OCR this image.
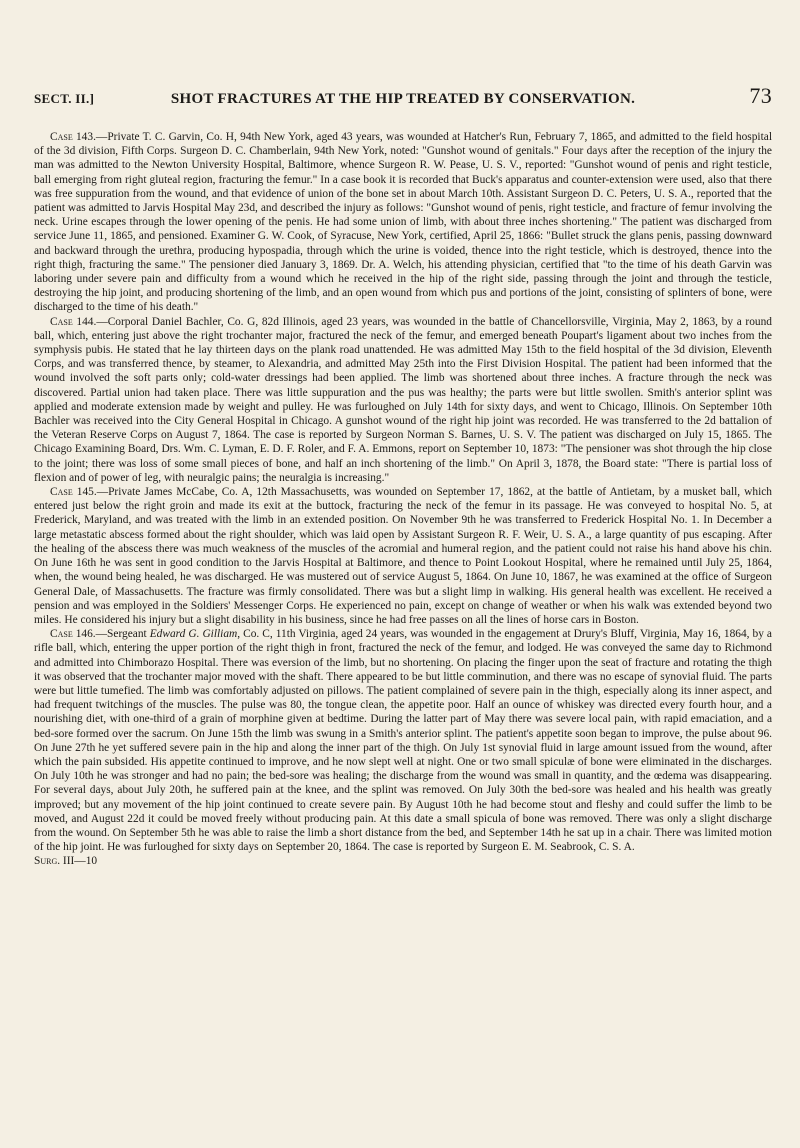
SECT. II.]	SHOT FRACTURES AT THE HIP TREATED BY CONSERVATION.	73

Case 143.—Private T. C. Garvin, Co. H, 94th New York, aged 43 years, was wounded at Hatcher's Run, February 7, 1865, and admitted to the field hospital of the 3d division, Fifth Corps. Surgeon D. C. Chamberlain, 94th New York, noted: "Gunshot wound of genitals." Four days after the reception of the injury the man was admitted to the Newton University Hospital, Baltimore, whence Surgeon R. W. Pease, U. S. V., reported: "Gunshot wound of penis and right testicle, ball emerging from right gluteal region, fracturing the femur." In a case book it is recorded that Buck's apparatus and counter-extension were used, also that there was free suppuration from the wound, and that evidence of union of the bone set in about March 10th. Assistant Surgeon D. C. Peters, U. S. A., reported that the patient was admitted to Jarvis Hospital May 23d, and described the injury as follows: "Gunshot wound of penis, right testicle, and fracture of femur involving the neck. Urine escapes through the lower opening of the penis. He had some union of limb, with about three inches shortening." The patient was discharged from service June 11, 1865, and pensioned. Examiner G. W. Cook, of Syracuse, New York, certified, April 25, 1866: "Bullet struck the glans penis, passing downward and backward through the urethra, producing hypospadia, through which the urine is voided, thence into the right testicle, which is destroyed, thence into the right thigh, fracturing the same." The pensioner died January 3, 1869. Dr. A. Welch, his attending physician, certified that "to the time of his death Garvin was laboring under severe pain and difficulty from a wound which he received in the hip of the right side, passing through the joint and through the testicle, destroying the hip joint, and producing shortening of the limb, and an open wound from which pus and portions of the joint, consisting of splinters of bone, were discharged to the time of his death."

Case 144.—Corporal Daniel Bachler, Co. G, 82d Illinois, aged 23 years, was wounded in the battle of Chancellorsville, Virginia, May 2, 1863, by a round ball, which, entering just above the right trochanter major, fractured the neck of the femur, and emerged beneath Poupart's ligament about two inches from the symphysis pubis. He stated that he lay thirteen days on the plank road unattended. He was admitted May 15th to the field hospital of the 3d division, Eleventh Corps, and was transferred thence, by steamer, to Alexandria, and admitted May 25th into the First Division Hospital. The patient had been informed that the wound involved the soft parts only; cold-water dressings had been applied. The limb was shortened about three inches. A fracture through the neck was discovered. Partial union had taken place. There was little suppuration and the pus was healthy; the parts were but little swollen. Smith's anterior splint was applied and moderate extension made by weight and pulley. He was furloughed on July 14th for sixty days, and went to Chicago, Illinois. On September 10th Bachler was received into the City General Hospital in Chicago. A gunshot wound of the right hip joint was recorded. He was transferred to the 2d battalion of the Veteran Reserve Corps on August 7, 1864. The case is reported by Surgeon Norman S. Barnes, U. S. V. The patient was discharged on July 15, 1865. The Chicago Examining Board, Drs. Wm. C. Lyman, E. D. F. Roler, and F. A. Emmons, report on September 10, 1873: "The pensioner was shot through the hip close to the joint; there was loss of some small pieces of bone, and half an inch shortening of the limb." On April 3, 1878, the Board state: "There is partial loss of flexion and of power of leg, with neuralgic pains; the neuralgia is increasing."

Case 145.—Private James McCabe, Co. A, 12th Massachusetts, was wounded on September 17, 1862, at the battle of Antietam, by a musket ball, which entered just below the right groin and made its exit at the buttock, fracturing the neck of the femur in its passage. He was conveyed to hospital No. 5, at Frederick, Maryland, and was treated with the limb in an extended position. On November 9th he was transferred to Frederick Hospital No. 1. In December a large metastatic abscess formed about the right shoulder, which was laid open by Assistant Surgeon R. F. Weir, U. S. A., a large quantity of pus escaping. After the healing of the abscess there was much weakness of the muscles of the acromial and humeral region, and the patient could not raise his hand above his chin. On June 16th he was sent in good condition to the Jarvis Hospital at Baltimore, and thence to Point Lookout Hospital, where he remained until July 25, 1864, when, the wound being healed, he was discharged. He was mustered out of service August 5, 1864. On June 10, 1867, he was examined at the office of Surgeon General Dale, of Massachusetts. The fracture was firmly consolidated. There was but a slight limp in walking. His general health was excellent. He received a pension and was employed in the Soldiers' Messenger Corps. He experienced no pain, except on change of weather or when his walk was extended beyond two miles. He considered his injury but a slight disability in his business, since he had free passes on all the lines of horse cars in Boston.

Case 146.—Sergeant Edward G. Gilliam, Co. C, 11th Virginia, aged 24 years, was wounded in the engagement at Drury's Bluff, Virginia, May 16, 1864, by a rifle ball, which, entering the upper portion of the right thigh in front, fractured the neck of the femur, and lodged. He was conveyed the same day to Richmond and admitted into Chimborazo Hospital. There was eversion of the limb, but no shortening. On placing the finger upon the seat of fracture and rotating the thigh it was observed that the trochanter major moved with the shaft. There appeared to be but little comminution, and there was no escape of synovial fluid. The parts were but little tumefied. The limb was comfortably adjusted on pillows. The patient complained of severe pain in the thigh, especially along its inner aspect, and had frequent twitchings of the muscles. The pulse was 80, the tongue clean, the appetite poor. Half an ounce of whiskey was directed every fourth hour, and a nourishing diet, with one-third of a grain of morphine given at bedtime. During the latter part of May there was severe local pain, with rapid emaciation, and a bed-sore formed over the sacrum. On June 15th the limb was swung in a Smith's anterior splint. The patient's appetite soon began to improve, the pulse about 96. On June 27th he yet suffered severe pain in the hip and along the inner part of the thigh. On July 1st synovial fluid in large amount issued from the wound, after which the pain subsided. His appetite continued to improve, and he now slept well at night. One or two small spiculæ of bone were eliminated in the discharges. On July 10th he was stronger and had no pain; the bed-sore was healing; the discharge from the wound was small in quantity, and the œdema was disappearing. For several days, about July 20th, he suffered pain at the knee, and the splint was removed. On July 30th the bed-sore was healed and his health was greatly improved; but any movement of the hip joint continued to create severe pain. By August 10th he had become stout and fleshy and could suffer the limb to be moved, and August 22d it could be moved freely without producing pain. At this date a small spicula of bone was removed. There was only a slight discharge from the wound. On September 5th he was able to raise the limb a short distance from the bed, and September 14th he sat up in a chair. There was limited motion of the hip joint. He was furloughed for sixty days on September 20, 1864. The case is reported by Surgeon E. M. Seabrook, C. S. A.

Surg. III—10
